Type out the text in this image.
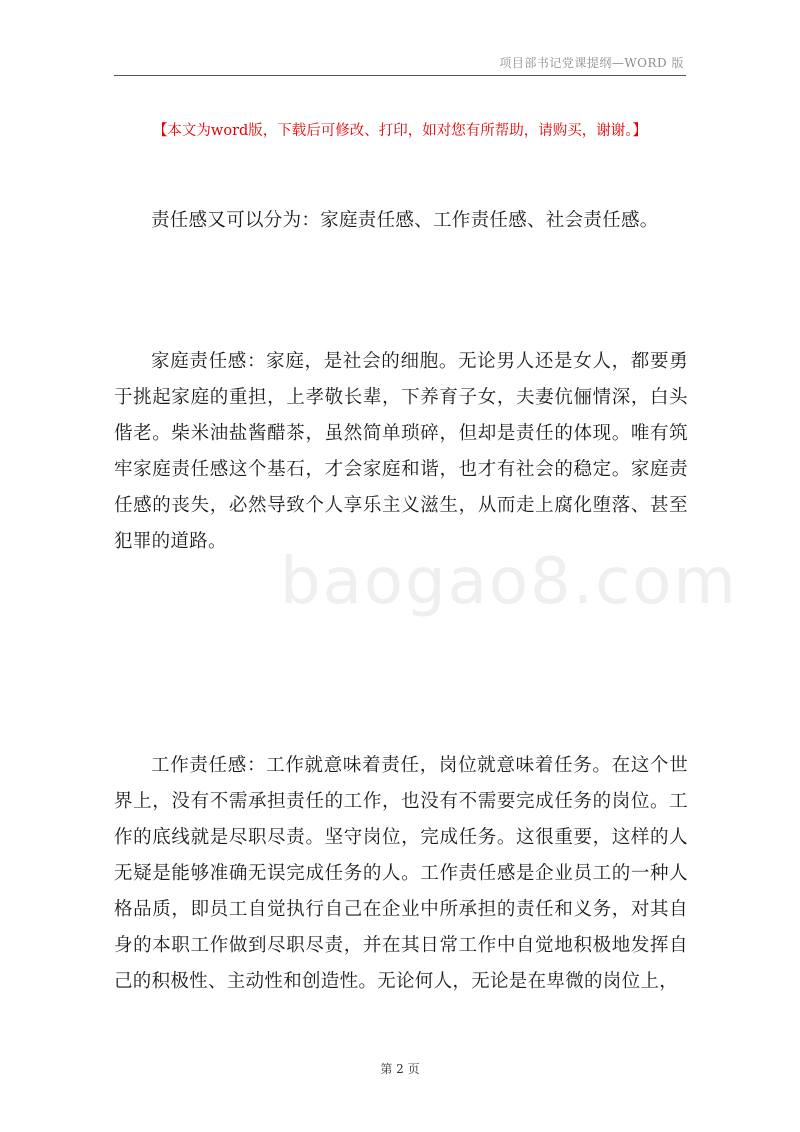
项目部书记党课提纲—WORD 版
【本文为word版，下载后可修改、打印，如对您有所帮助，请购买，谢谢。】

责任感又可以分为：家庭责任感、工作责任感、社会责任感。

家庭责任感：家庭，是社会的细胞。无论男人还是女人，都要勇于挑起家庭的重担，上孝敬长辈，下养育子女，夫妻伉俪情深，白头偕老。柴米油盐酱醋茶，虽然简单琐碎，但却是责任的体现。唯有筑牢家庭责任感这个基石，才会家庭和谐，也才有社会的稳定。家庭责任感的丧失，必然导致个人享乐主义滋生，从而走上腐化堕落、甚至犯罪的道路。

工作责任感：工作就意味着责任，岗位就意味着任务。在这个世界上，没有不需承担责任的工作，也没有不需要完成任务的岗位。工作的底线就是尽职尽责。坚守岗位，完成任务。这很重要，这样的人无疑是能够准确无误完成任务的人。工作责任感是企业员工的一种人格品质，即员工自觉执行自己在企业中所承担的责任和义务，对其自身的本职工作做到尽职尽责，并在其日常工作中自觉地积极地发挥自己的积极性、主动性和创造性。无论何人，无论是在卑微的岗位上，

baogao8.com
第 2 页
